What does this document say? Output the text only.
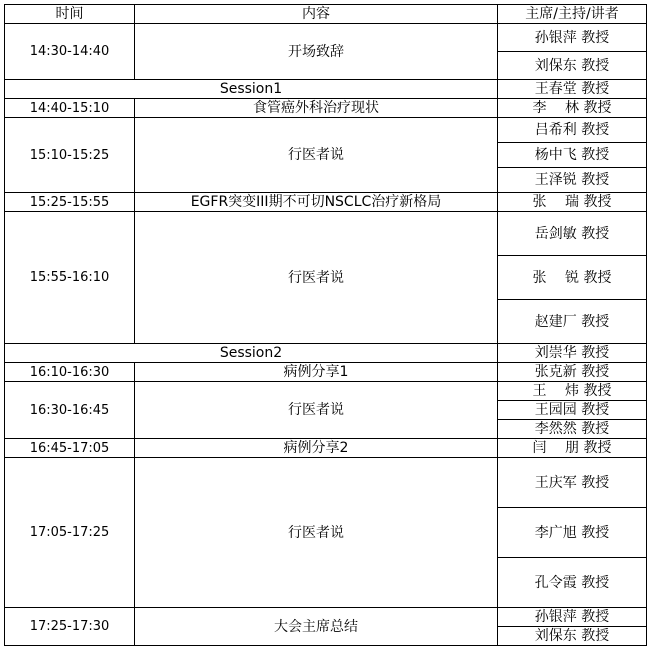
时间	内容	主席/主持/讲者
14:30-14:40	开场致辞	孙银萍 教授
		刘保东 教授
Session1		王春堂 教授
14:40-15:10	食管癌外科治疗现状	李　 林 教授
15:10-15:25	行医者说	吕希利 教授
		杨中飞 教授
		王泽锐 教授
15:25-15:55	EGFR突变III期不可切NSCLC治疗新格局	张　 瑞 教授
15:55-16:10	行医者说	岳剑敏 教授
		张　 锐 教授
		赵建厂 教授
Session2		刘崇华 教授
16:10-16:30	病例分享1	张克新 教授
16:30-16:45	行医者说	王　 炜 教授
		王园园 教授
		李然然 教授
16:45-17:05	病例分享2	闫　 朋 教授
17:05-17:25	行医者说	王庆军 教授
		李广旭 教授
		孔令霞 教授
17:25-17:30	大会主席总结	孙银萍 教授
		刘保东 教授
